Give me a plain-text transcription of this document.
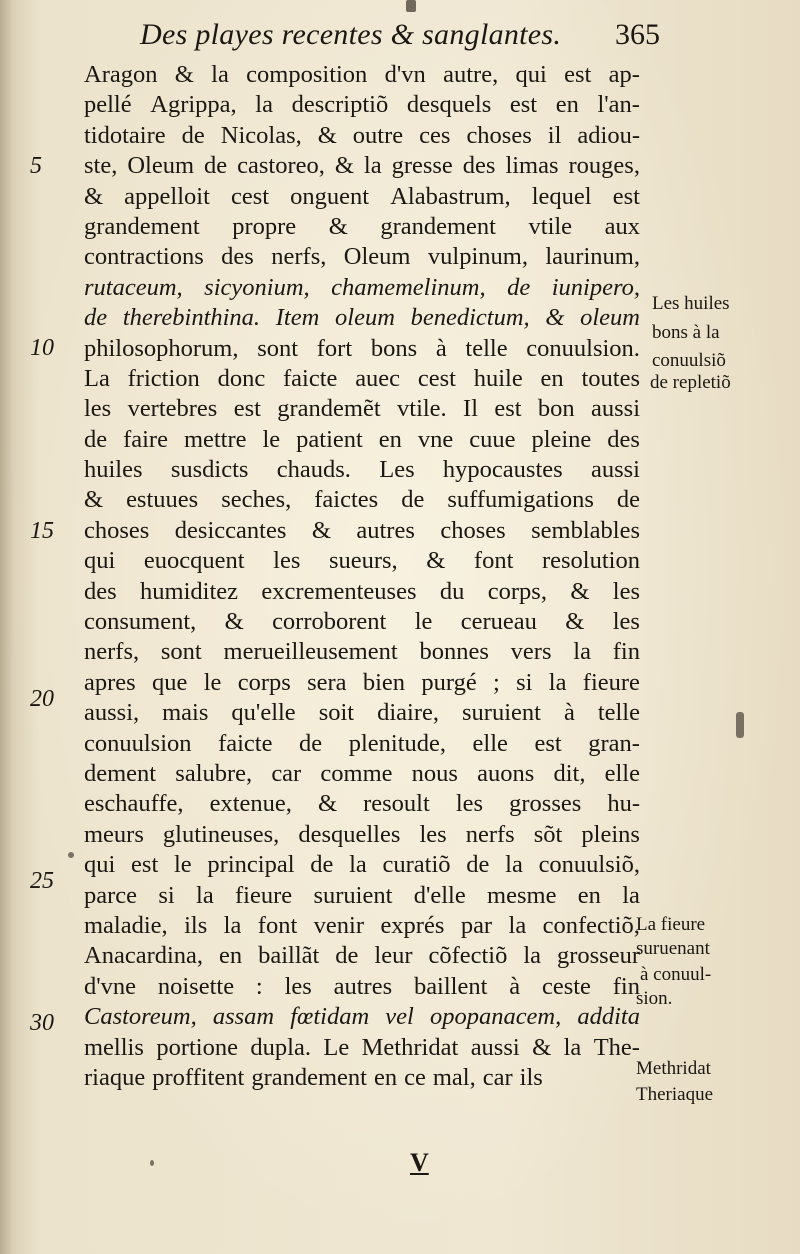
Des playes recentes & sanglantes. 365
5
10
15
20
25
30
Aragon & la composition d'vn autre, qui est ap-
pellé Agrippa, la descriptiõ desquels est en l'an-
tidotaire de Nicolas, & outre ces choses il adiou-
ste, Oleum de castoreo, & la gresse des limas rouges,
& appelloit cest onguent Alabastrum, lequel est
grandement propre & grandement vtile aux
contractions des nerfs, Oleum vulpinum, laurinum,
rutaceum, sicyonium, chamemelinum, de iunipero,
de therebinthina. Item oleum benedictum, & oleum
philosophorum, sont fort bons à telle conuulsion.
La friction donc faicte auec cest huile en toutes
les vertebres est grandemẽt vtile. Il est bon aussi
de faire mettre le patient en vne cuue pleine des
huiles susdicts chauds. Les hypocaustes aussi
& estuues seches, faictes de suffumigations de
choses desiccantes & autres choses semblables
qui euocquent les sueurs, & font resolution
des humiditez excrementeuses du corps, & les
consument, & corroborent le cerueau & les
nerfs, sont merueilleusement bonnes vers la fin
apres que le corps sera bien purgé ; si la fieure
aussi, mais qu'elle soit diaire, suruient à telle
conuulsion faicte de plenitude, elle est gran-
dement salubre, car comme nous auons dit, elle
eschauffe, extenue, & resoult les grosses hu-
meurs glutineuses, desquelles les nerfs sõt pleins
qui est le principal de la curatiõ de la conuulsiõ,
parce si la fieure suruient d'elle mesme en la
maladie, ils la font venir exprés par la confectiõ,
Anacardina, en baillãt de leur cõfectiõ la grosseur
d'vne noisette : les autres baillent à ceste fin
Castoreum, assam fœtidam vel opopanacem, addita
mellis portione dupla. Le Methridat aussi & la The-
riaque proffitent grandement en ce mal, car ils
Les huiles
bons à la
conuulsiõ
de repletiõ
La fieure
suruenant
à conuul-
sion.
Methridat
Theriaque
V
